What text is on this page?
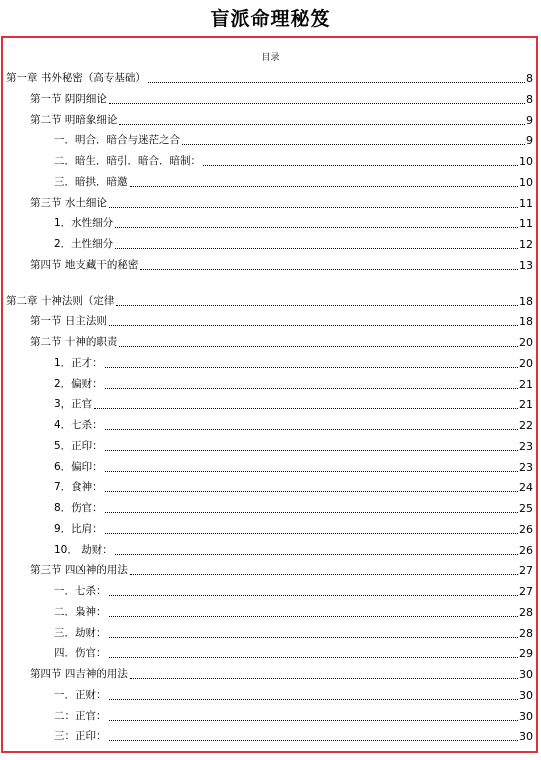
盲派命理秘笈
目录
第一章 书外秘密（高专基础）	8
第一节 阴阴细论	8
第二节 明暗象细论	9
一．明合．暗合与迷茫之合	9
二．暗生．暗引．暗合．暗制：	10
三．暗拱．暗邀	10
第三节 水土细论	11
1．水性细分	11
2．土性细分	12
第四节 地支藏干的秘密	13
第二章 十神法则（定律	18
第一节 日主法则	18
第二节 十神的职责	20
1．正才：	20
2．偏财：	21
3，正官	21
4．七杀：	22
5．正印：	23
6．偏印：	23
7．食神：	24
8．伤官：	25
9．比肩：	26
10． 劫财：	26
第三节 四凶神的用法	27
一．七杀：	27
二．枭神：	28
三．劫财：	28
四．伤官：	29
第四节 四吉神的用法	30
一．正财：	30
二：正官：	30
三：正印：	30
